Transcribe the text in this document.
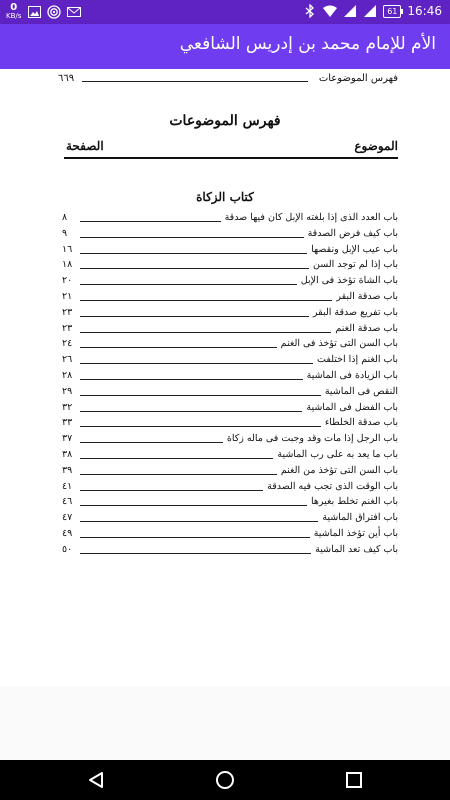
0
KB/s
61 16:46
الأم للإمام محمد بن إدريس الشافعي
فهرس الموضوعات
٦٦٩
فهرس الموضوعات
الموضوع
الصفحة
كتاب الزكاة
باب العدد الذى إذا بلغته الإبل كان فيها صدقة
٨
باب كيف فرض الصدقة
٩
باب عيب الإبل ونقصها
١٦
باب إذا لم توجد السن
١٨
باب الشاة تؤخذ فى الإبل
٢٠
باب صدقة البقر
٢١
باب تفريع صدقة البقر
٢٣
باب صدقة الغنم
٢٣
باب السن التى تؤخذ فى الغنم
٢٤
باب الغنم إذا اختلفت
٢٦
باب الزيادة فى الماشية
٢٨
النقص فى الماشية
٢٩
باب الفضل فى الماشية
٣٢
باب صدقة الخلطاء
٣٣
باب الرجل إذا مات وقد وجبت فى ماله زكاة
٣٧
باب ما يعد به على رب الماشية
٣٨
باب السن التى تؤخذ من الغنم
٣٩
باب الوقت الذى تجب فيه الصدقة
٤١
باب الغنم تخلط بغيرها
٤٦
باب افتراق الماشية
٤٧
باب أين تؤخذ الماشية
٤٩
باب كيف تعد الماشية
٥٠
